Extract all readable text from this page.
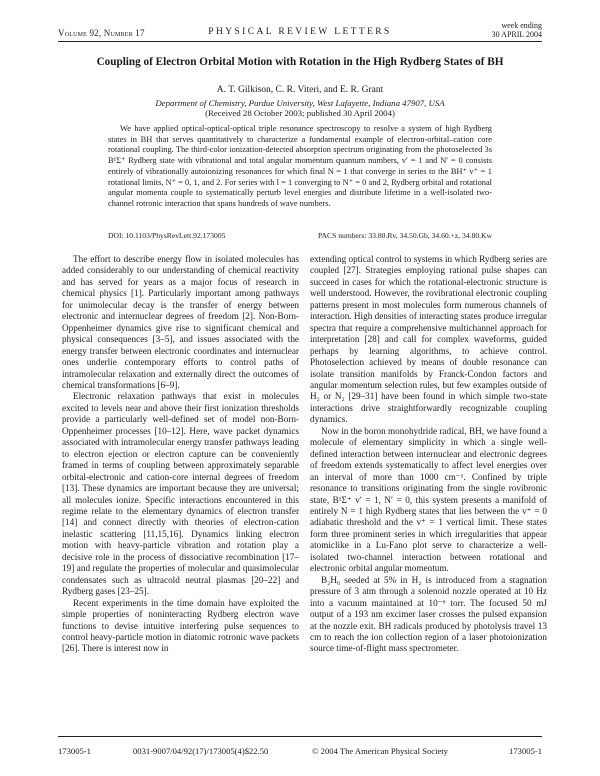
Volume 92, Number 17	PHYSICAL REVIEW LETTERS
week ending
30 APRIL 2004
Coupling of Electron Orbital Motion with Rotation in the High Rydberg States of BH
A. T. Gilkison, C. R. Viteri, and E. R. Grant
Department of Chemistry, Purdue University, West Lafayette, Indiana 47907, USA
(Received 28 October 2003; published 30 April 2004)
We have applied optical-optical-optical triple resonance spectroscopy to resolve a system of high Rydberg states in BH that serves quantitatively to characterize a fundamental example of electron-orbital–cation core rotational coupling. The third-color ionization-detected absorption spectrum originating from the photoselected 3s B¹Σ⁺ Rydberg state with vibrational and total angular momentum quantum numbers, v′ = 1 and N′ = 0 consists entirely of vibrationally autoionizing resonances for which final N = 1 that converge in series to the BH⁺ v⁺ = 1 rotational limits, N⁺ = 0, 1, and 2. For series with l = 1 converging to N⁺ = 0 and 2, Rydberg orbital and rotational angular momenta couple to systematically perturb level energies and distribute lifetime in a well-isolated two-channel rotronic interaction that spans hundreds of wave numbers.
DOI: 10.1103/PhysRevLett.92.173005	PACS numbers: 33.80.Rv, 34.50.Gb, 34.60.+z, 34.80.Kw

The effort to describe energy flow in isolated molecules has added considerably to our understanding of chemical reactivity and has served for years as a major focus of research in chemical physics [1]. Particularly important among pathways for unimolecular decay is the transfer of energy between electronic and internuclear degrees of freedom [2]. Non-Born-Oppenheimer dynamics give rise to significant chemical and physical consequences [3–5], and issues associated with the energy transfer between electronic coordinates and internuclear ones underlie contemporary efforts to control paths of intramolecular relaxation and externally direct the outcomes of chemical transformations [6–9].

Electronic relaxation pathways that exist in molecules excited to levels near and above their first ionization thresholds provide a particularly well-defined set of model non-Born-Oppenheimer processes [10–12]. Here, wave packet dynamics associated with intramolecular energy transfer pathways leading to electron ejection or electron capture can be conveniently framed in terms of coupling between approximately separable orbital-electronic and cation-core internal degrees of freedom [13]. These dynamics are important because they are universal; all molecules ionize. Specific interactions encountered in this regime relate to the elementary dynamics of electron transfer [14] and connect directly with theories of electron-cation inelastic scattering [11,15,16]. Dynamics linking electron motion with heavy-particle vibration and rotation play a decisive role in the process of dissociative recombination [17–19] and regulate the properties of molecular and quasimolecular condensates such as ultracold neutral plasmas [20–22] and Rydberg gases [23–25].

Recent experiments in the time domain have exploited the simple properties of noninteracting Rydberg electron wave functions to devise intuitive interfering pulse sequences to control heavy-particle motion in diatomic rotronic wave packets [26]. There is interest now in

extending optical control to systems in which Rydberg series are coupled [27]. Strategies employing rational pulse shapes can succeed in cases for which the rotational-electronic structure is well understood. However, the rovibrational electronic coupling patterns present in most molecules form numerous channels of interaction. High densities of interacting states produce irregular spectra that require a comprehensive multichannel approach for interpretation [28] and call for complex waveforms, guided perhaps by learning algorithms, to achieve control. Photoselection achieved by means of double resonance can isolate transition manifolds by Franck-Condon factors and angular momentum selection rules, but few examples outside of H₂ or N₂ [29–31] have been found in which simple two-state interactions drive straightforwardly recognizable coupling dynamics.

Now in the boron monohydride radical, BH, we have found a molecule of elementary simplicity in which a single well-defined interaction between internuclear and electronic degrees of freedom extends systematically to affect level energies over an interval of more than 1000 cm⁻¹. Confined by triple resonance to transitions originating from the single rovibronic state, B¹Σ⁺ v′ = 1, N′ = 0, this system presents a manifold of entirely N = 1 high Rydberg states that lies between the v⁺ = 0 adiabatic threshold and the v⁺ = 1 vertical limit. These states form three prominent series in which irregularities that appear atomiclike in a Lu-Fano plot serve to characterize a well-isolated two-channel interaction between rotational and electronic orbital angular momentum.

B₂H₆ seeded at 5% in H₂ is introduced from a stagnation pressure of 3 atm through a solenoid nozzle operated at 10 Hz into a vacuum maintained at 10⁻⁶ torr. The focused 50 mJ output of a 193 nm excimer laser crosses the pulsed expansion at the nozzle exit. BH radicals produced by photolysis travel 13 cm to reach the ion collection region of a laser photoionization source time-of-flight mass spectrometer.

173005-1	0031-9007/04/92(17)/173005(4)$22.50	© 2004 The American Physical Society	173005-1
